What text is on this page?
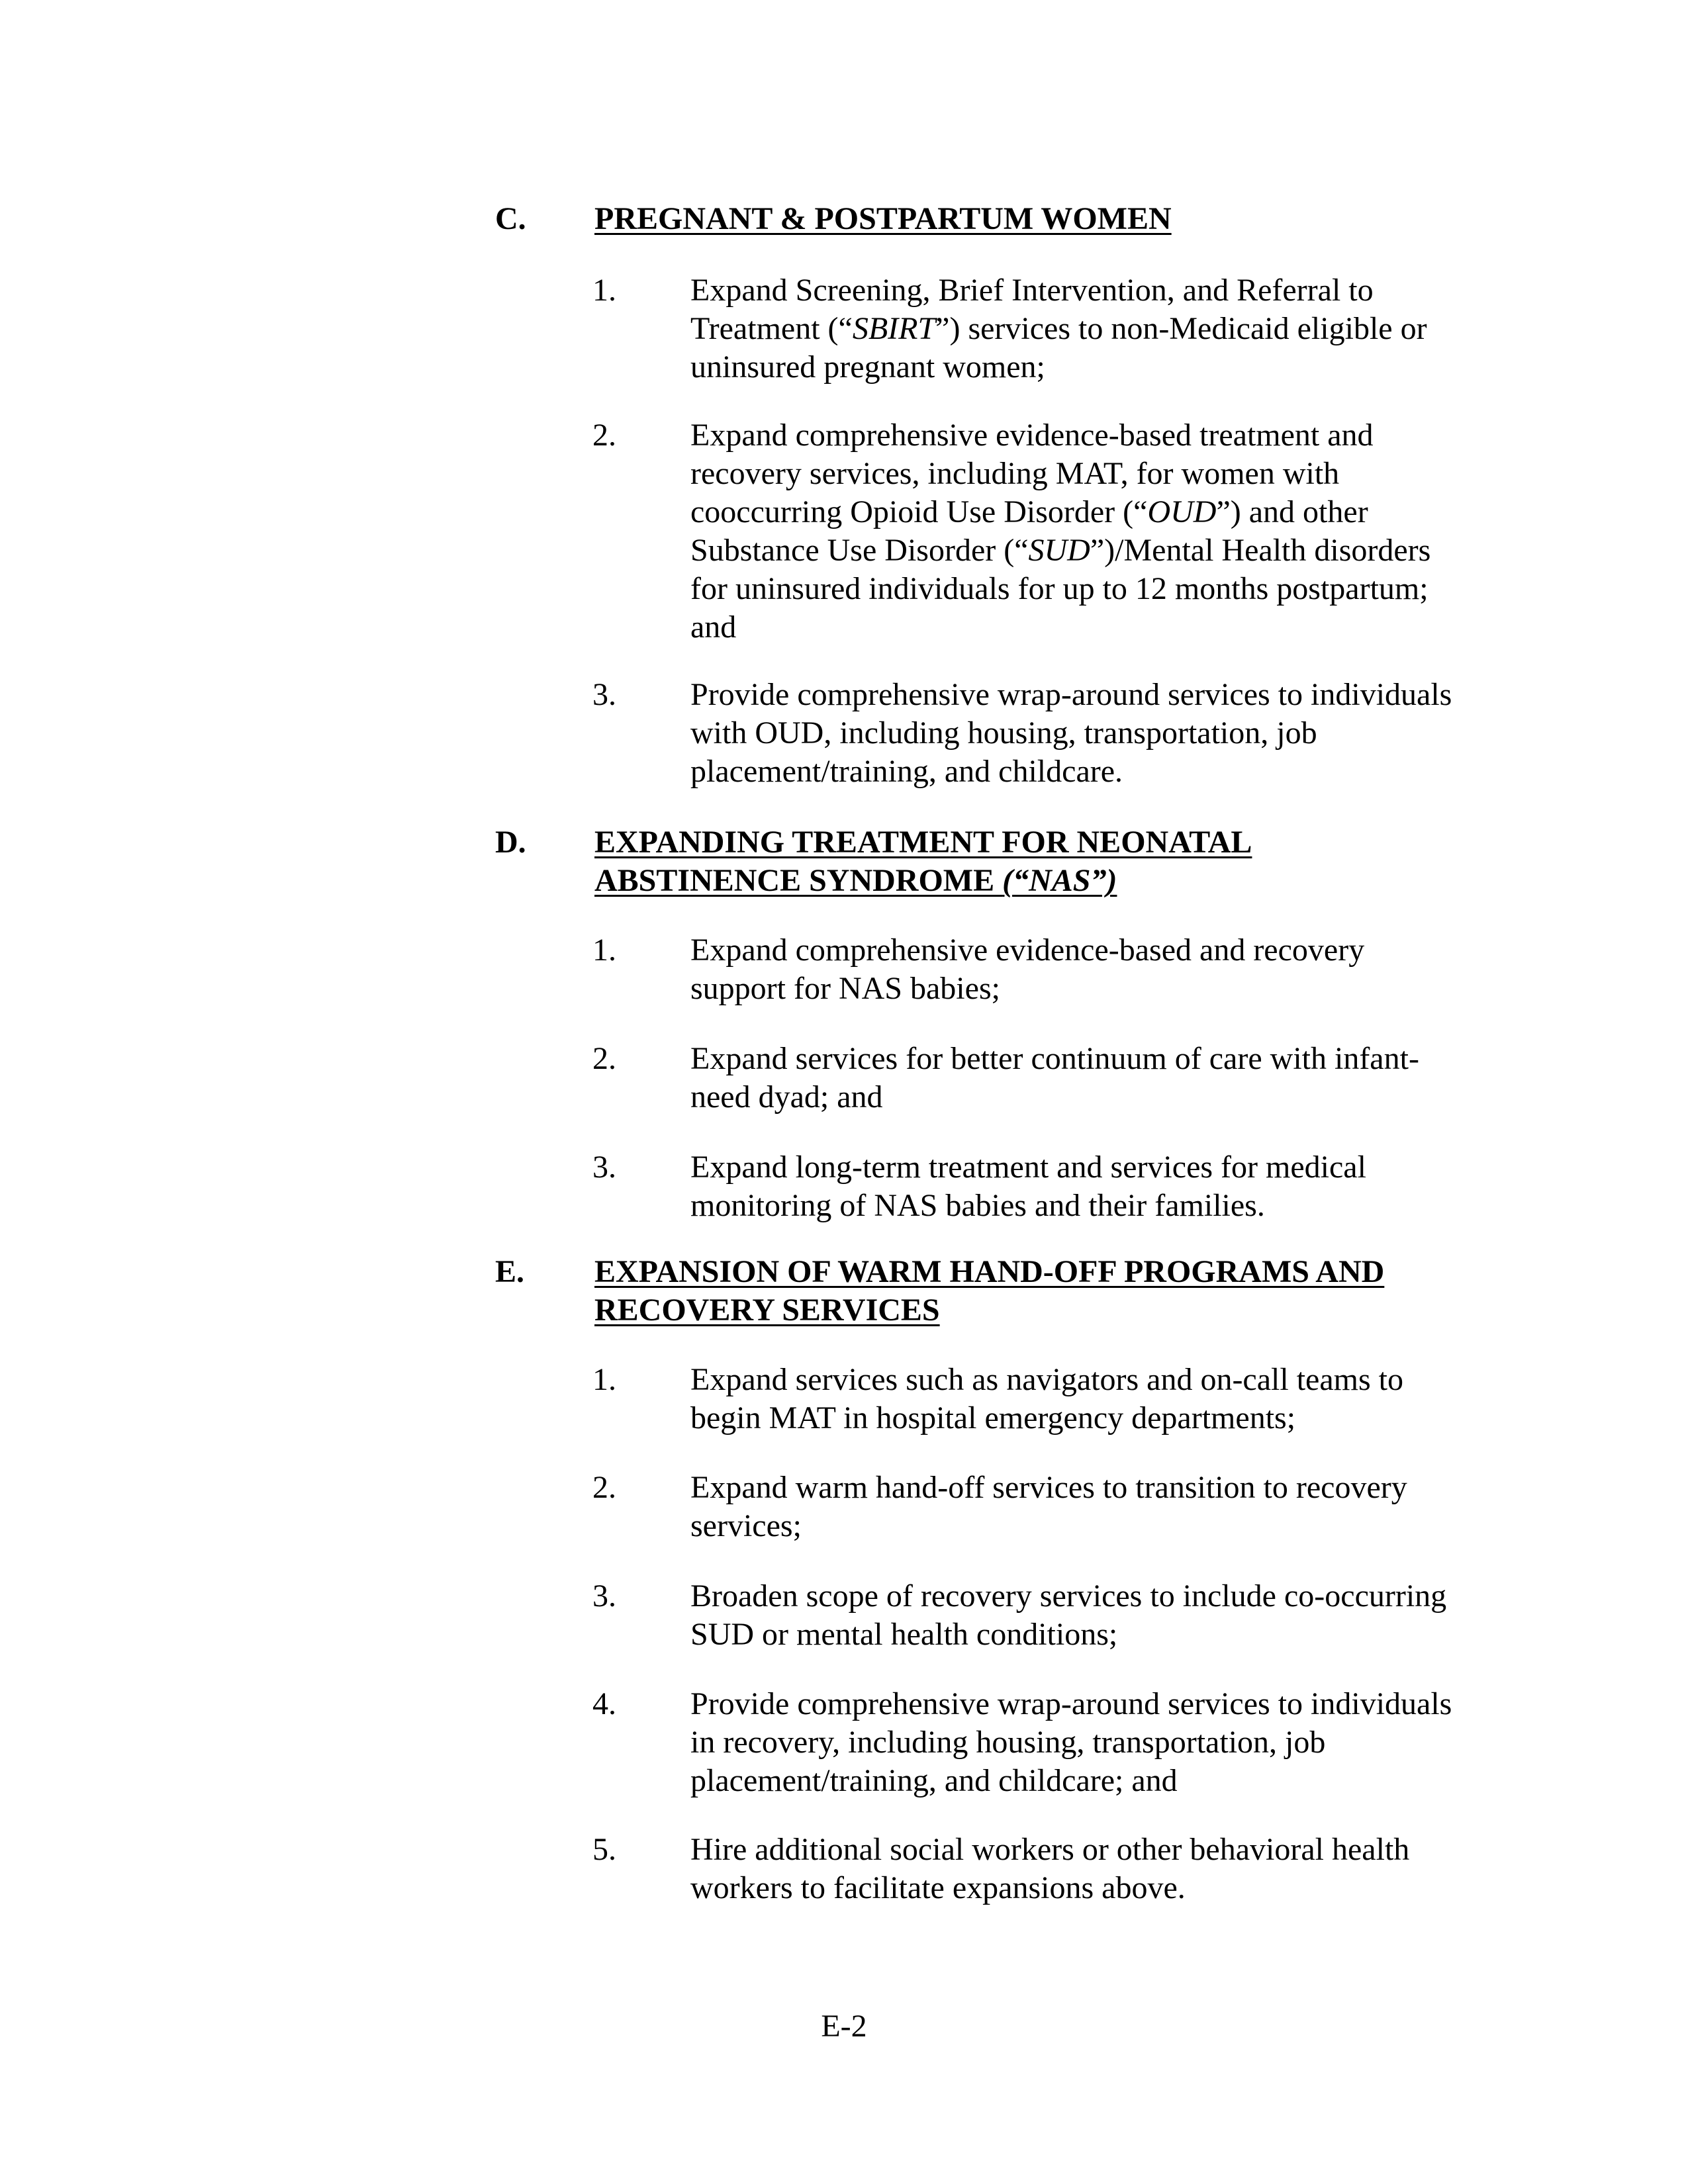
C. PREGNANT & POSTPARTUM WOMEN
1. Expand Screening, Brief Intervention, and Referral to
Treatment (“SBIRT”) services to non-Medicaid eligible or
uninsured pregnant women;
2. Expand comprehensive evidence-based treatment and
recovery services, including MAT, for women with
cooccurring Opioid Use Disorder (“OUD”) and other
Substance Use Disorder (“SUD”)/Mental Health disorders
for uninsured individuals for up to 12 months postpartum;
and
3. Provide comprehensive wrap-around services to individuals
with OUD, including housing, transportation, job
placement/training, and childcare.
D. EXPANDING TREATMENT FOR NEONATAL
ABSTINENCE SYNDROME (“NAS”)
1. Expand comprehensive evidence-based and recovery
support for NAS babies;
2. Expand services for better continuum of care with infant-
need dyad; and
3. Expand long-term treatment and services for medical
monitoring of NAS babies and their families.
E. EXPANSION OF WARM HAND-OFF PROGRAMS AND
RECOVERY SERVICES
1. Expand services such as navigators and on-call teams to
begin MAT in hospital emergency departments;
2. Expand warm hand-off services to transition to recovery
services;
3. Broaden scope of recovery services to include co-occurring
SUD or mental health conditions;
4. Provide comprehensive wrap-around services to individuals
in recovery, including housing, transportation, job
placement/training, and childcare; and
5. Hire additional social workers or other behavioral health
workers to facilitate expansions above.
E-2
